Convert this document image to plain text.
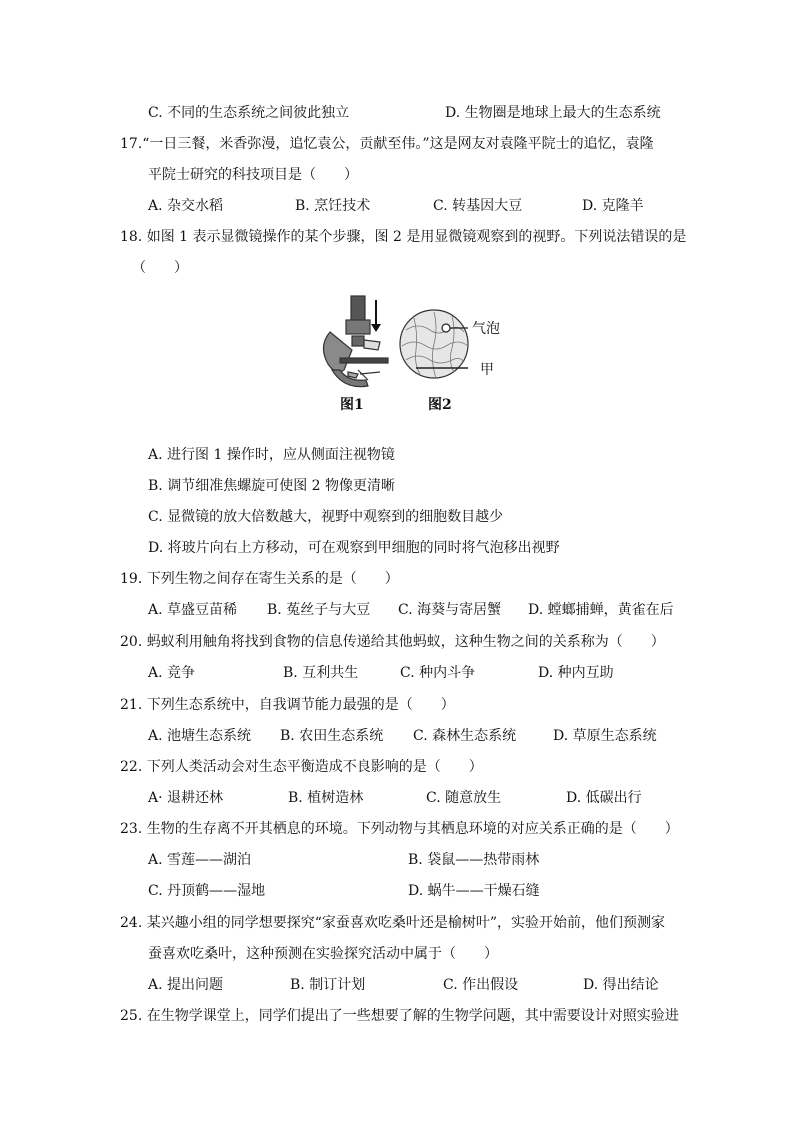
C. 不同的生态系统之间彼此独立	D. 生物圈是地球上最大的生态系统
17.“一日三餐，米香弥漫，追忆袁公，贡献至伟。”这是网友对袁隆平院士的追忆，袁隆
平院士研究的科技项目是（　　）
A. 杂交水稻	B. 烹饪技术	C. 转基因大豆	D. 克隆羊
18. 如图 1 表示显微镜操作的某个步骤，图 2 是用显微镜观察到的视野。下列说法错误的是
（　　）
气泡
甲
图1	图2
A. 进行图 1 操作时，应从侧面注视物镜
B. 调节细准焦螺旋可使图 2 物像更清晰
C. 显微镜的放大倍数越大，视野中观察到的细胞数目越少
D. 将玻片向右上方移动，可在观察到甲细胞的同时将气泡移出视野
19. 下列生物之间存在寄生关系的是（　　）
A. 草盛豆苗稀 B. 菟丝子与大豆 C. 海葵与寄居蟹 D. 螳螂捕蝉，黄雀在后
20. 蚂蚁利用触角将找到食物的信息传递给其他蚂蚁，这种生物之间的关系称为（　　）
A. 竞争	B. 互利共生	C. 种内斗争	D. 种内互助
21. 下列生态系统中，自我调节能力最强的是（　　）
A. 池塘生态系统 B. 农田生态系统 C. 森林生态系统	D. 草原生态系统
22. 下列人类活动会对生态平衡造成不良影响的是（　　）
A· 退耕还林	B. 植树造林	C. 随意放生	D. 低碳出行
23. 生物的生存离不开其栖息的环境。下列动物与其栖息环境的对应关系正确的是（　　）
A. 雪莲——湖泊	B. 袋鼠——热带雨林
C. 丹顶鹤——湿地	D. 蜗牛——干燥石缝
24. 某兴趣小组的同学想要探究“家蚕喜欢吃桑叶还是榆树叶”，实验开始前，他们预测家
蚕喜欢吃桑叶，这种预测在实验探究活动中属于（　　）
A. 提出问题	B. 制订计划	C. 作出假设	D. 得出结论
25. 在生物学课堂上，同学们提出了一些想要了解的生物学问题，其中需要设计对照实验进
